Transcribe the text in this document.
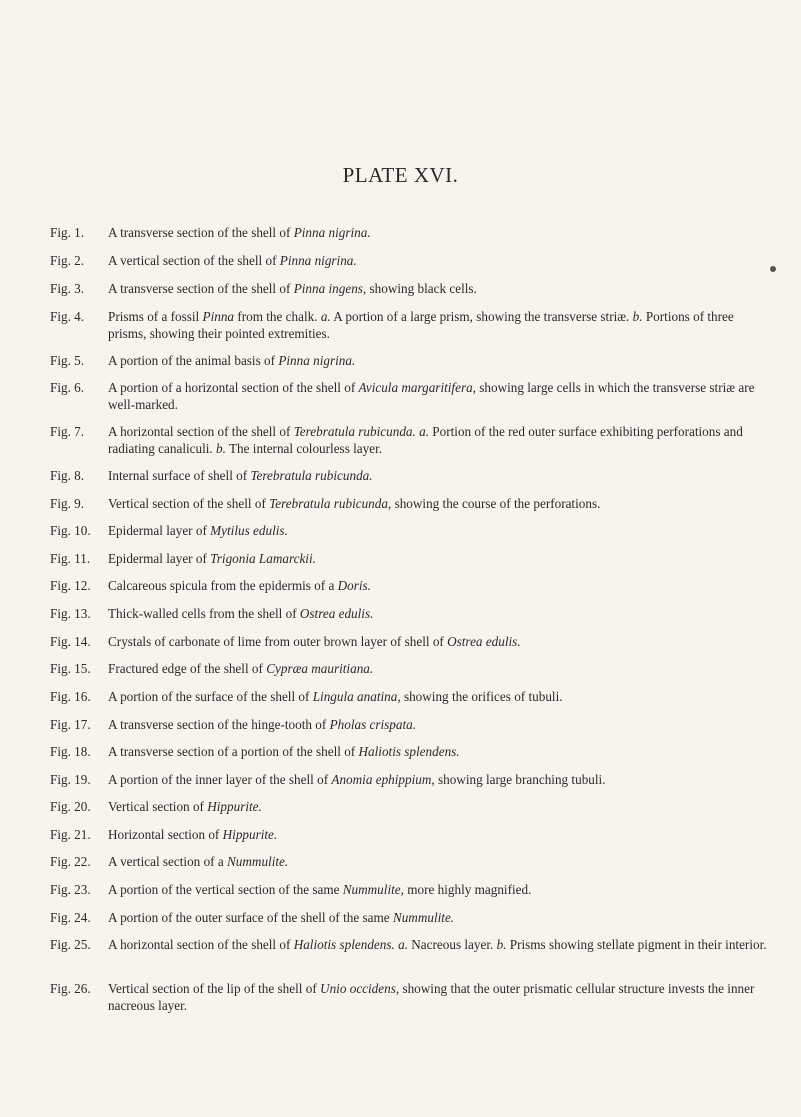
PLATE XVI.
Fig. 1.	A transverse section of the shell of Pinna nigrina.
Fig. 2.	A vertical section of the shell of Pinna nigrina.
Fig. 3.	A transverse section of the shell of Pinna ingens, showing black cells.
Fig. 4.	Prisms of a fossil Pinna from the chalk. a. A portion of a large prism, showing the transverse striæ. b. Portions of three prisms, showing their pointed extremities.
Fig. 5.	A portion of the animal basis of Pinna nigrina.
Fig. 6.	A portion of a horizontal section of the shell of Avicula margaritifera, showing large cells in which the transverse striæ are well-marked.
Fig. 7.	A horizontal section of the shell of Terebratula rubicunda. a. Portion of the red outer surface exhibiting perforations and radiating canaliculi. b. The internal colourless layer.
Fig. 8.	Internal surface of shell of Terebratula rubicunda.
Fig. 9.	Vertical section of the shell of Terebratula rubicunda, showing the course of the perforations.
Fig. 10.	Epidermal layer of Mytilus edulis.
Fig. 11.	Epidermal layer of Trigonia Lamarckii.
Fig. 12.	Calcareous spicula from the epidermis of a Doris.
Fig. 13.	Thick-walled cells from the shell of Ostrea edulis.
Fig. 14.	Crystals of carbonate of lime from outer brown layer of shell of Ostrea edulis.
Fig. 15.	Fractured edge of the shell of Cypræa mauritiana.
Fig. 16.	A portion of the surface of the shell of Lingula anatina, showing the orifices of tubuli.
Fig. 17.	A transverse section of the hinge-tooth of Pholas crispata.
Fig. 18.	A transverse section of a portion of the shell of Haliotis splendens.
Fig. 19.	A portion of the inner layer of the shell of Anomia ephippium, showing large branching tubuli.
Fig. 20.	Vertical section of Hippurite.
Fig. 21.	Horizontal section of Hippurite.
Fig. 22.	A vertical section of a Nummulite.
Fig. 23.	A portion of the vertical section of the same Nummulite, more highly magnified.
Fig. 24.	A portion of the outer surface of the shell of the same Nummulite.
Fig. 25.	A horizontal section of the shell of Haliotis splendens. a. Nacreous layer. b. Prisms showing stellate pigment in their interior.
Fig. 26.	Vertical section of the lip of the shell of Unio occidens, showing that the outer prismatic cellular structure invests the inner nacreous layer.
